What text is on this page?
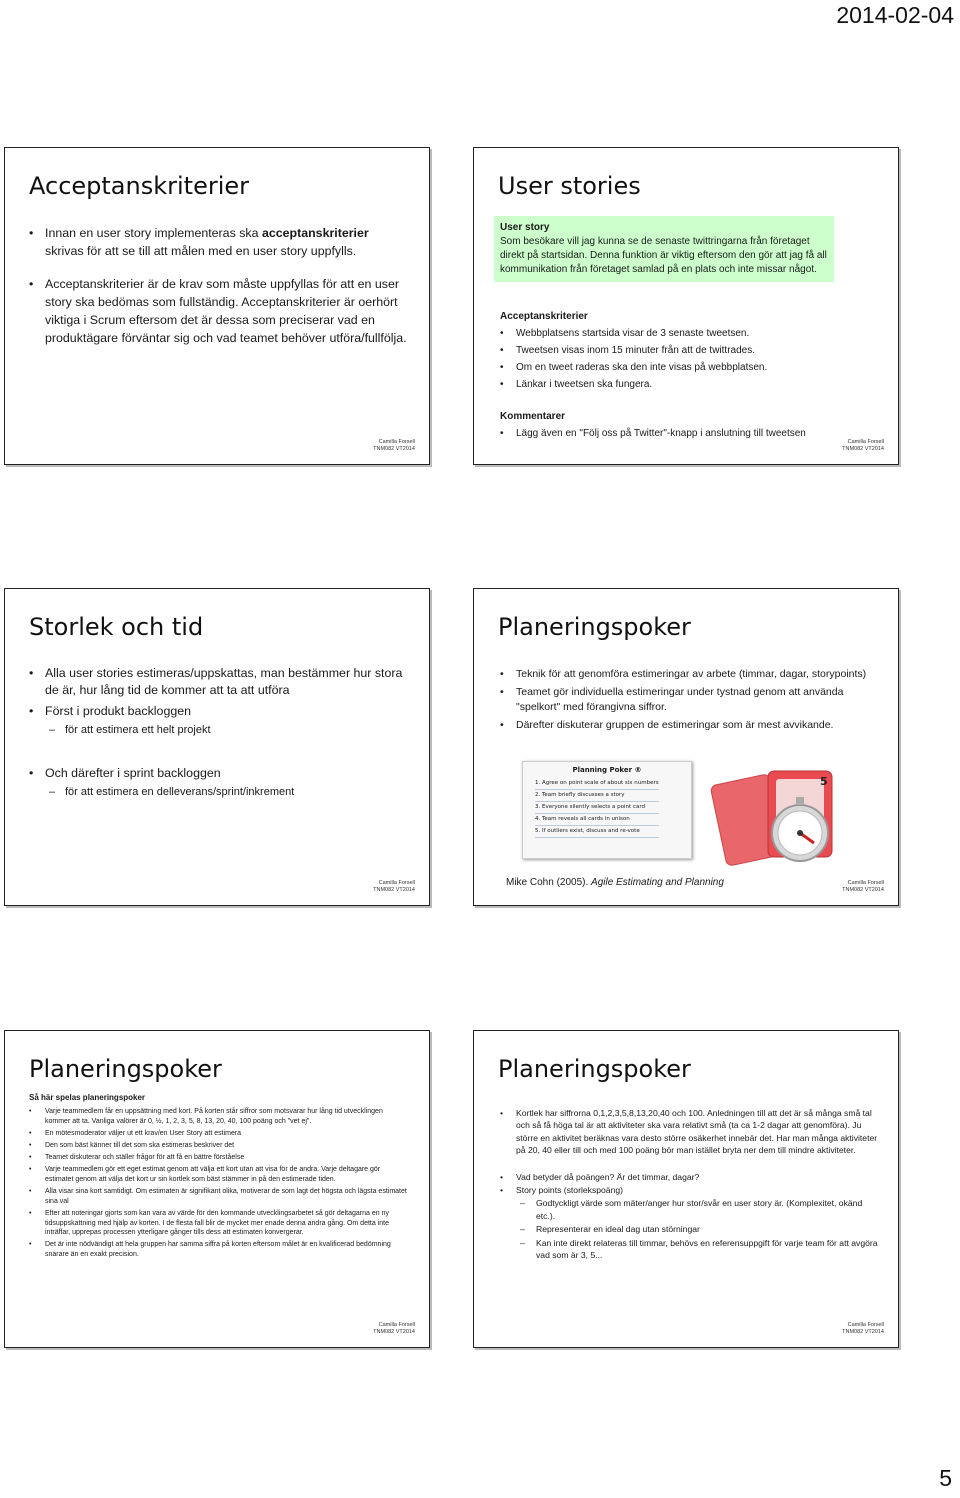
2014-02-04
Acceptanskriterier
• Innan en user story implementeras ska acceptanskriterier skrivas för att se till att målen med en user story uppfylls.
• Acceptanskriterier är de krav som måste uppfyllas för att en user story ska bedömas som fullständig. Acceptanskriterier är oerhört viktiga i Scrum eftersom det är dessa som preciserar vad en produktägare förväntar sig och vad teamet behöver utföra/fullfölja.
Camilla Forsell
TNM082 VT2014
User stories
User story
Som besökare vill jag kunna se de senaste twittringarna från företaget direkt på startsidan. Denna funktion är viktig eftersom den gör att jag få all kommunikation från företaget samlad på en plats och inte missar något.
Acceptanskriterier
• Webbplatsens startsida visar de 3 senaste tweetsen.
• Tweetsen visas inom 15 minuter från att de twittrades.
• Om en tweet raderas ska den inte visas på webbplatsen.
• Länkar i tweetsen ska fungera.
Kommentarer
• Lägg även en "Följ oss på Twitter"-knapp i anslutning till tweetsen
Camilla Forsell
TNM082 VT2014
Storlek och tid
• Alla user stories estimeras/uppskattas, man bestämmer hur stora de är, hur lång tid de kommer att ta att utföra
• Först i produkt backloggen
– för att estimera ett helt projekt
• Och därefter i sprint backloggen
– för att estimera en delleverans/sprint/inkrement
Camilla Forsell
TNM082 VT2014
Planeringspoker
• Teknik för att genomföra estimeringar av arbete (timmar, dagar, storypoints)
• Teamet gör individuella estimeringar under tystnad genom att använda "spelkort" med förangivna siffror.
• Därefter diskuterar gruppen de estimeringar som är mest avvikande.
Planning Poker ®
1. Agree on point scale of about six numbers
2. Team briefly discusses a story
3. Everyone silently selects a point card
4. Team reveals all cards in unison
5. If outliers exist, discuss and re-vote
5
Mike Cohn (2005). Agile Estimating and Planning	Camilla Forsell
TNM082 VT2014
Planeringspoker
Så här spelas planeringspoker
• Varje teammedlem får en uppsättning med kort. På korten står siffror som motsvarar hur lång tid utvecklingen kommer att ta. Vanliga valörer är 0, ½, 1, 2, 3, 5, 8, 13, 20, 40, 100 poäng och "vet ej".
• En mötesmoderator väljer ut ett krav/en User Story att estimera
• Den som bäst känner till det som ska estimeras beskriver det
• Teamet diskuterar och ställer frågor för att få en bättre förståelse
• Varje teammedlem gör ett eget estimat genom att välja ett kort utan att visa för de andra. Varje deltagare gör estimatet genom att välja det kort ur sin kortlek som bäst stämmer in på den estimerade tiden.
• Alla visar sina kort samtidigt. Om estimaten är signifikant olika, motiverar de som lagt det högsta och lägsta estimatet sina val
• Efter att noteringar gjorts som kan vara av värde för den kommande utvecklingsarbetet så gör deltagarna en ny tidsuppskattning med hjälp av korten. I de flesta fall blir de mycket mer enade denna andra gång. Om detta inte inträffar, upprepas processen ytterligare gånger tills dess att estimaten konvergerar.
• Det är inte nödvändigt att hela gruppen har samma siffra på korten eftersom målet är en kvalificerad bedömning snarare än en exakt precision.
Camilla Forsell
TNM082 VT2014
Planeringspoker
• Kortlek har siffrorna 0,1,2,3,5,8,13,20,40 och 100. Anledningen till att det är så många små tal och så få höga tal är att aktiviteter ska vara relativt små (ta ca 1-2 dagar att genomföra). Ju större en aktivitet beräknas vara desto större osäkerhet innebär det. Har man många aktiviteter på 20, 40 eller till och med 100 poäng bör man istället bryta ner dem till mindre aktiviteter.
• Vad betyder då poängen? Är det timmar, dagar?
• Story points (storlekspoäng)
– Godtyckligt värde som mäter/anger hur stor/svår en user story är. (Komplexitet, okänd etc.).
– Representerar en ideal dag utan störningar
– Kan inte direkt relateras till timmar, behövs en referensuppgift för varje team för att avgöra vad som är 3, 5...
Camilla Forsell
TNM082 VT2014
5
